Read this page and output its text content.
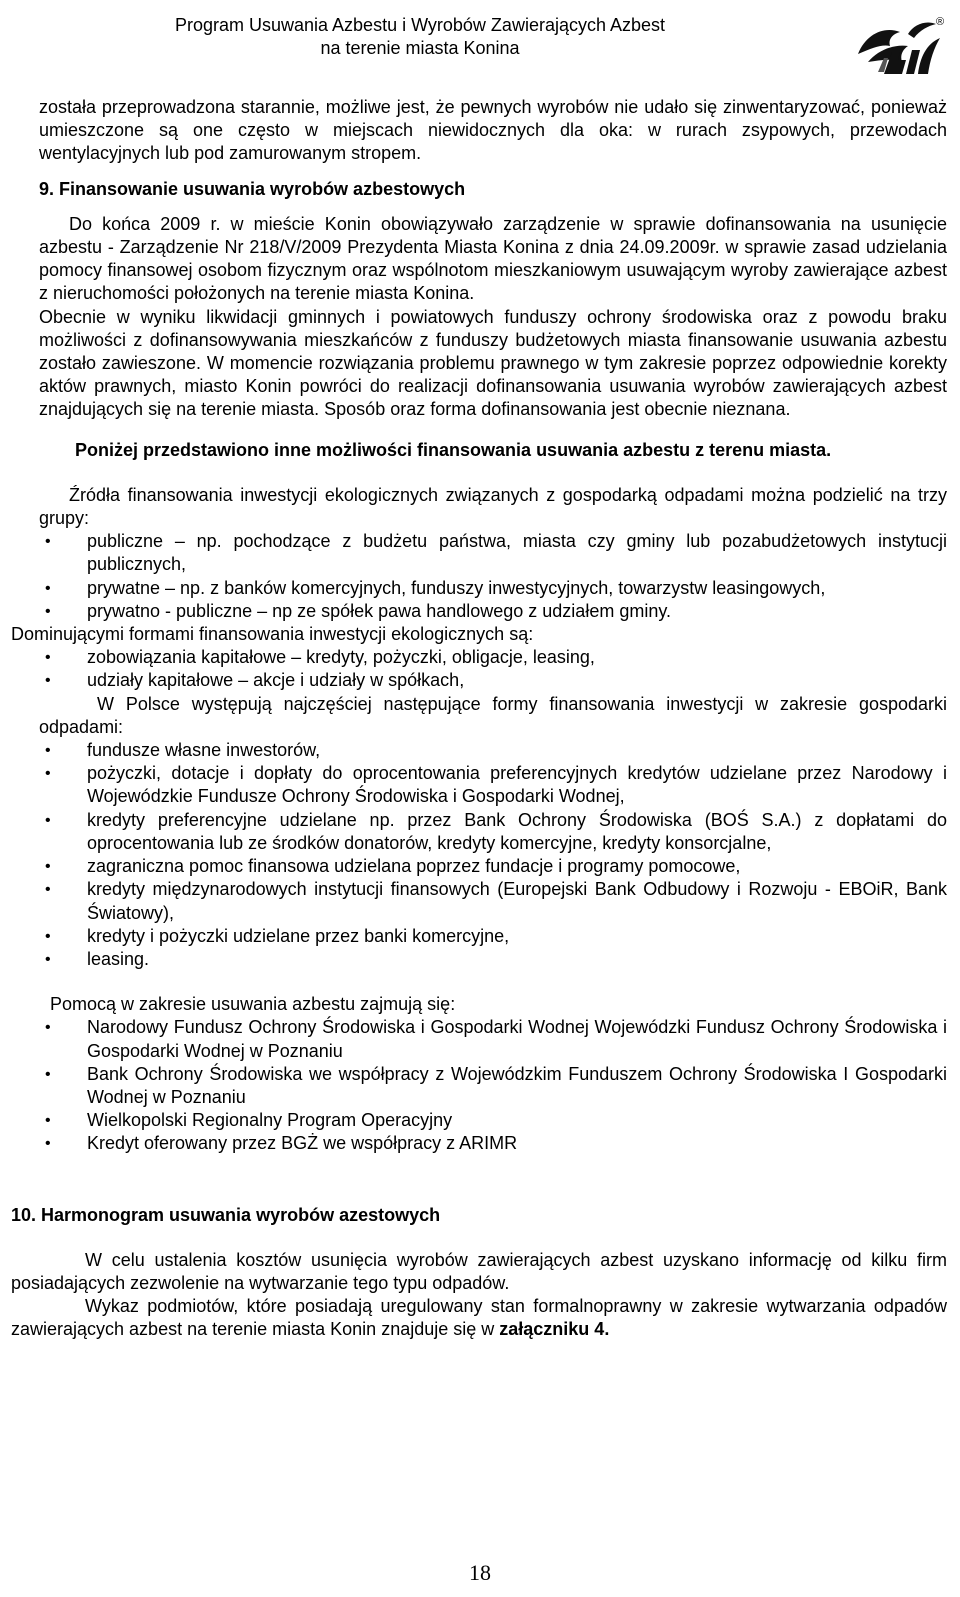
Program Usuwania Azbestu i Wyrobów Zawierających Azbest
na terenie miasta Konina
®

została przeprowadzona starannie, możliwe jest, że pewnych wyrobów nie udało się zinwentaryzować, ponieważ umieszczone są one często w miejscach niewidocznych dla oka: w rurach zsypowych, przewodach wentylacyjnych lub pod zamurowanym stropem.

9. Finansowanie usuwania wyrobów azbestowych

Do końca 2009 r. w mieście Konin obowiązywało zarządzenie w sprawie dofinansowania na usunięcie azbestu - Zarządzenie Nr 218/V/2009 Prezydenta Miasta Konina z dnia 24.09.2009r. w sprawie zasad udzielania pomocy finansowej osobom fizycznym oraz wspólnotom mieszkaniowym usuwającym wyroby zawierające azbest z nieruchomości położonych na terenie miasta Konina.

Obecnie w wyniku likwidacji gminnych i powiatowych funduszy ochrony środowiska oraz z powodu braku możliwości z dofinansowywania mieszkańców z funduszy budżetowych miasta finansowanie usuwania azbestu zostało zawieszone. W momencie rozwiązania problemu prawnego w tym zakresie poprzez odpowiednie korekty aktów prawnych, miasto Konin powróci do realizacji dofinansowania usuwania wyrobów zawierających azbest znajdujących się na terenie miasta. Sposób oraz forma dofinansowania jest obecnie nieznana.

Poniżej przedstawiono inne możliwości finansowania usuwania azbestu z terenu miasta.

Źródła finansowania inwestycji ekologicznych związanych z gospodarką odpadami można podzielić na trzy grupy:

• publiczne – np. pochodzące z budżetu państwa, miasta czy gminy lub pozabudżetowych instytucji publicznych,
• prywatne – np. z banków komercyjnych, funduszy inwestycyjnych, towarzystw leasingowych,
• prywatno - publiczne – np ze spółek pawa handlowego z udziałem gminy.

Dominującymi formami finansowania inwestycji ekologicznych są:

• zobowiązania kapitałowe – kredyty, pożyczki, obligacje, leasing,
• udziały kapitałowe – akcje i udziały w spółkach,

W Polsce występują najczęściej następujące formy finansowania inwestycji w zakresie gospodarki odpadami:

• fundusze własne inwestorów,
• pożyczki, dotacje i dopłaty do oprocentowania preferencyjnych kredytów udzielane przez Narodowy i Wojewódzkie Fundusze Ochrony Środowiska i Gospodarki Wodnej,
• kredyty preferencyjne udzielane np. przez Bank Ochrony Środowiska (BOŚ S.A.) z dopłatami do oprocentowania lub ze środków donatorów, kredyty komercyjne, kredyty konsorcjalne,
• zagraniczna pomoc finansowa udzielana poprzez fundacje i programy pomocowe,
• kredyty międzynarodowych instytucji finansowych (Europejski Bank Odbudowy i Rozwoju - EBOiR, Bank Światowy),
• kredyty i pożyczki udzielane przez banki komercyjne,
• leasing.

Pomocą w zakresie usuwania azbestu zajmują się:

• Narodowy Fundusz Ochrony Środowiska i Gospodarki Wodnej Wojewódzki Fundusz Ochrony Środowiska i Gospodarki Wodnej w Poznaniu
• Bank Ochrony Środowiska we współpracy z Wojewódzkim Funduszem Ochrony Środowiska I Gospodarki Wodnej w Poznaniu
• Wielkopolski Regionalny Program Operacyjny
• Kredyt oferowany przez BGŻ we współpracy z ARIMR

10. Harmonogram usuwania wyrobów azestowych

W celu ustalenia kosztów usunięcia wyrobów zawierających azbest uzyskano informację od kilku firm posiadających zezwolenie na wytwarzanie tego typu odpadów.

Wykaz podmiotów, które posiadają uregulowany stan formalnoprawny w zakresie wytwarzania odpadów zawierających azbest na terenie miasta Konin znajduje się w załączniku 4.

18
